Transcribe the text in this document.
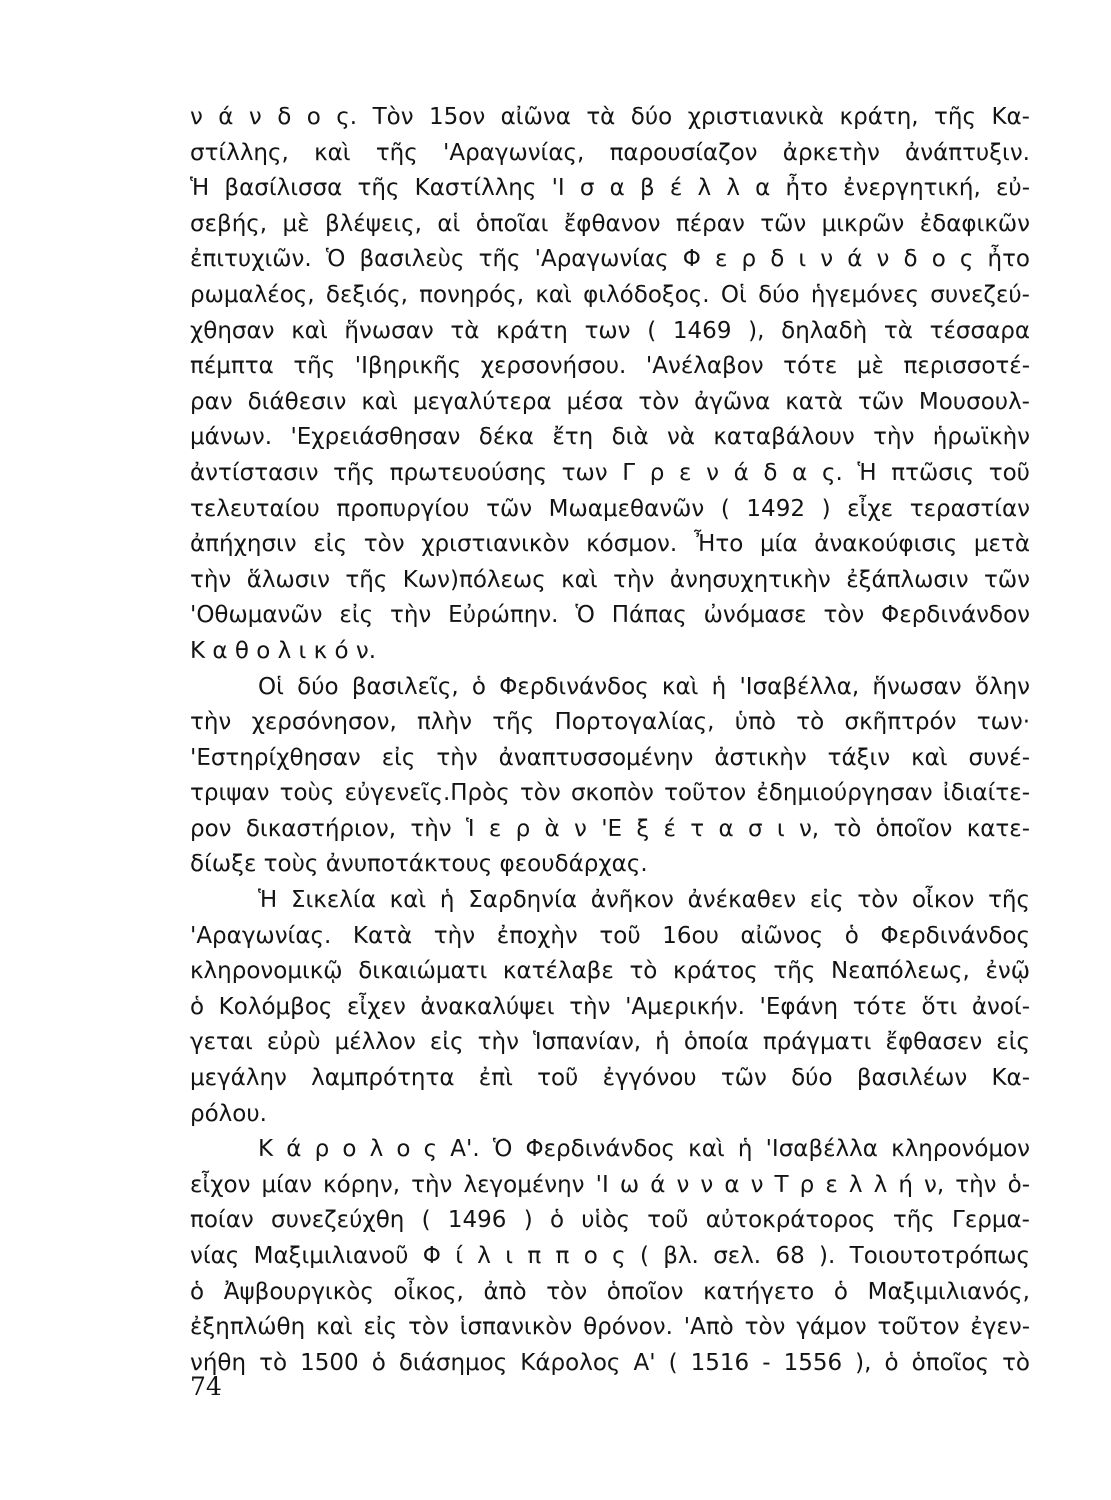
ν ά ν δ ο ς. Τὸν 15ον αἰῶνα τὰ δύο χριστιανικὰ κράτη, τῆς Κα-
στίλλης, καὶ τῆς 'Αραγωνίας, παρουσίαζον ἀρκετὴν ἀνάπτυξιν.
Ἡ βασίλισσα τῆς Καστίλλης 'Ι σ α β έ λ λ α ἦτο ἐνεργητική, εὐ-
σεβής, μὲ βλέψεις, αἱ ὁποῖαι ἔφθανον πέραν τῶν μικρῶν ἐδαφικῶν
ἐπιτυχιῶν. Ὁ βασιλεὺς τῆς 'Αραγωνίας Φ ε ρ δ ι ν ά ν δ ο ς ἦτο
ρωμαλέος, δεξιός, πονηρός, καὶ φιλόδοξος. Οἱ δύο ἡγεμόνες συνεζεύ-
χθησαν καὶ ἥνωσαν τὰ κράτη των ( 1469 ), δηλαδὴ τὰ τέσσαρα
πέμπτα τῆς 'Ιβηρικῆς χερσονήσου. 'Ανέλαβον τότε μὲ περισσοτέ-
ραν διάθεσιν καὶ μεγαλύτερα μέσα τὸν ἀγῶνα κατὰ τῶν Μουσουλ-
μάνων. 'Εχρειάσθησαν δέκα ἔτη διὰ νὰ καταβάλουν τὴν ἡρωϊκὴν
ἀντίστασιν τῆς πρωτευούσης των Γ ρ ε ν ά δ α ς. Ἡ πτῶσις τοῦ
τελευταίου προπυργίου τῶν Μωαμεθανῶν ( 1492 ) εἶχε τεραστίαν
ἀπήχησιν εἰς τὸν χριστιανικὸν κόσμον. Ἦτο μία ἀνακούφισις μετὰ
τὴν ἅλωσιν τῆς Κων)πόλεως καὶ τὴν ἀνησυχητικὴν ἐξάπλωσιν τῶν
'Οθωμανῶν εἰς τὴν Εὐρώπην. Ὁ Πάπας ὠνόμασε τὸν Φερδινάνδον
Κ α θ ο λ ι κ ό ν.
Οἱ δύο βασιλεῖς, ὁ Φερδινάνδος καὶ ἡ 'Ισαβέλλα, ἥνωσαν ὅλην
τὴν χερσόνησον, πλὴν τῆς Πορτογαλίας, ὑπὸ τὸ σκῆπτρόν των·
'Εστηρίχθησαν εἰς τὴν ἀναπτυσσομένην ἀστικὴν τάξιν καὶ συνέ-
τριψαν τοὺς εὐγενεῖς.Πρὸς τὸν σκοπὸν τοῦτον ἐδημιούργησαν ἰδιαίτε-
ρον δικαστήριον, τὴν Ἱ ε ρ ὰ ν 'Ε ξ έ τ α σ ι ν, τὸ ὁποῖον κατε-
δίωξε τοὺς ἀνυποτάκτους φεουδάρχας.
Ἡ Σικελία καὶ ἡ Σαρδηνία ἀνῆκον ἀνέκαθεν εἰς τὸν οἶκον τῆς
'Αραγωνίας. Κατὰ τὴν ἐποχὴν τοῦ 16ου αἰῶνος ὁ Φερδινάνδος
κληρονομικῷ δικαιώματι κατέλαβε τὸ κράτος τῆς Νεαπόλεως, ἐνῷ
ὁ Κολόμβος εἶχεν ἀνακαλύψει τὴν 'Αμερικήν. 'Εφάνη τότε ὅτι ἀνοί-
γεται εὐρὺ μέλλον εἰς τὴν Ἱσπανίαν, ἡ ὁποία πράγματι ἔφθασεν εἰς
μεγάλην λαμπρότητα ἐπὶ τοῦ ἐγγόνου τῶν δύο βασιλέων Κα-
ρόλου.
Κ ά ρ ο λ ο ς Α'. Ὁ Φερδινάνδος καὶ ἡ 'Ισαβέλλα κληρονόμον
εἶχον μίαν κόρην, τὴν λεγομένην 'Ι ω ά ν ν α ν Τ ρ ε λ λ ή ν, τὴν ὁ-
ποίαν συνεζεύχθη ( 1496 ) ὁ υἱὸς τοῦ αὐτοκράτορος τῆς Γερμα-
νίας Μαξιμιλιανοῦ Φ ί λ ι π π ο ς ( βλ. σελ. 68 ). Τοιουτοτρόπως
ὁ Ἀψβουργικὸς οἶκος, ἀπὸ τὸν ὁποῖον κατήγετο ὁ Μαξιμιλιανός,
ἐξηπλώθη καὶ εἰς τὸν ἱσπανικὸν θρόνον. 'Απὸ τὸν γάμον τοῦτον ἐγεν-
νήθη τὸ 1500 ὁ διάσημος Κάρολος Α' ( 1516 - 1556 ), ὁ ὁποῖος τὸ
74
